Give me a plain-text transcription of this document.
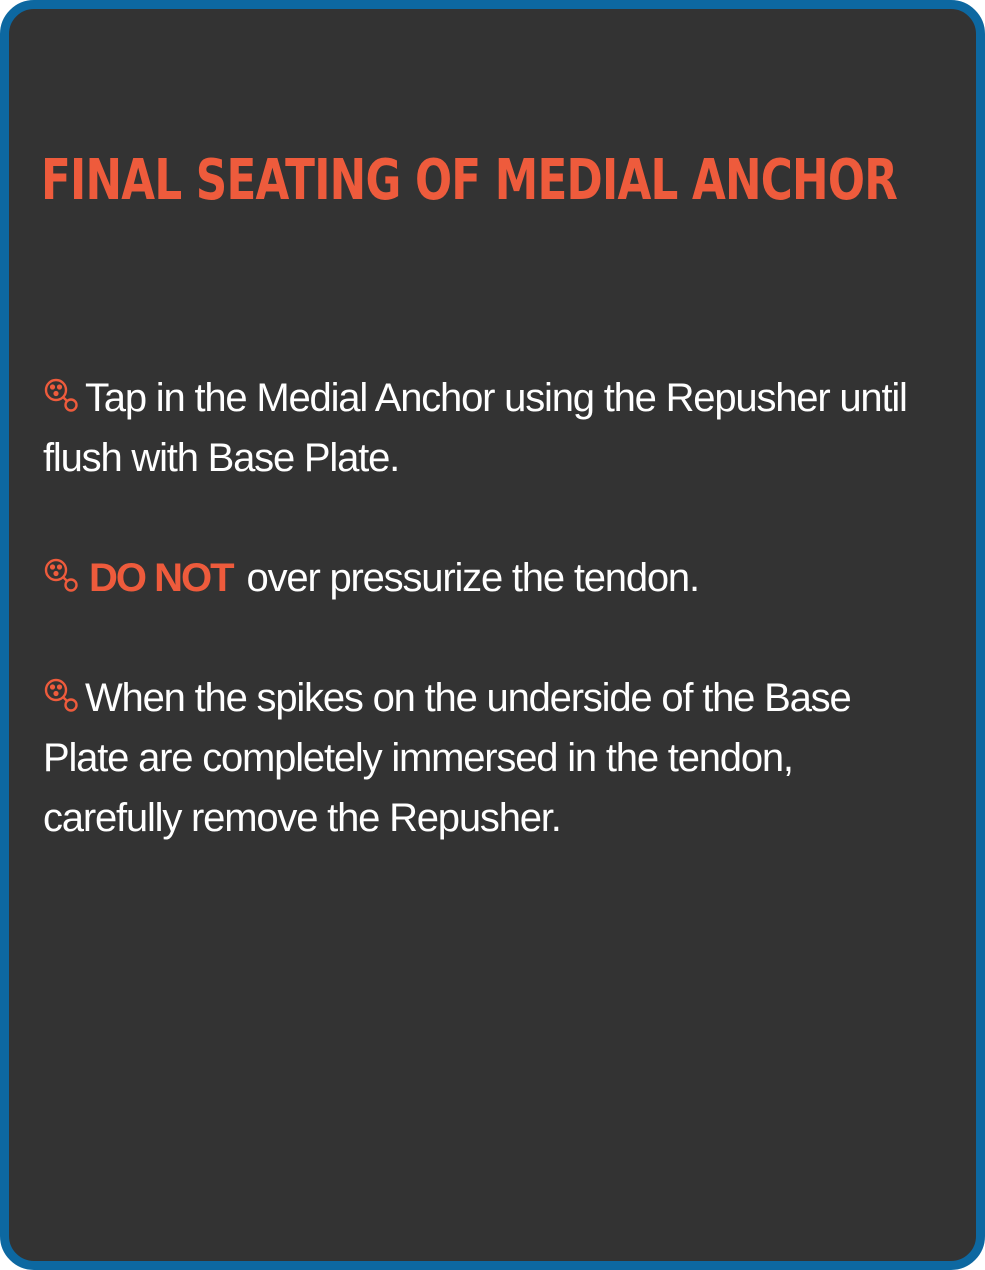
FINAL SEATING OF MEDIAL ANCHOR
Tap in the Medial Anchor using the Repusher until flush with Base Plate.
DO NOT over pressurize the tendon.
When the spikes on the underside of the Base Plate are completely immersed in the tendon, carefully remove the Repusher.
